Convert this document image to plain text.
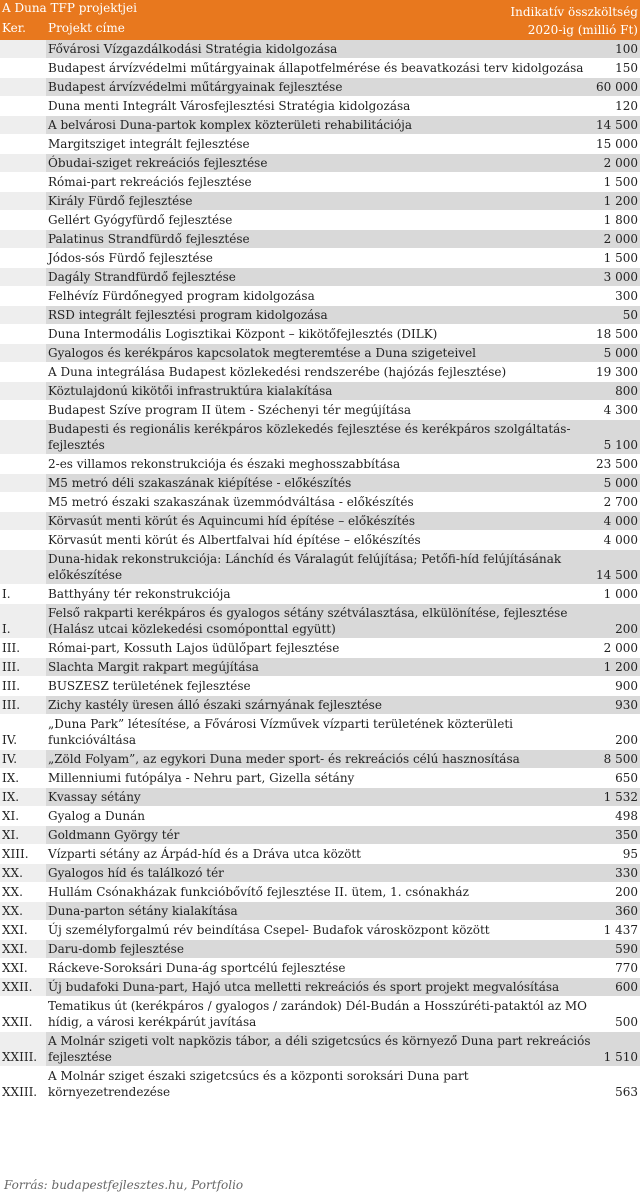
A Duna TFP projektjei		Indikatív összköltség

Ker.	Projekt címe	2020-ig (millió Ft)

	Fővárosi Vízgazdálkodási Stratégia kidolgozása	100
	Budapest árvízvédelmi műtárgyainak állapotfelmérése és beavatkozási terv kidolgozása	150
	Budapest árvízvédelmi műtárgyainak fejlesztése	60 000
	Duna menti Integrált Városfejlesztési Stratégia kidolgozása	120
	A belvárosi Duna-partok komplex közterületi rehabilitációja	14 500
	Margitsziget integrált fejlesztése	15 000
	Óbudai-sziget rekreációs fejlesztése	2 000
	Római-part rekreációs fejlesztése	1 500
	Király Fürdő fejlesztése	1 200
	Gellért Gyógyfürdő fejlesztése	1 800
	Palatinus Strandfürdő fejlesztése	2 000
	Jódos-sós Fürdő fejlesztése	1 500
	Dagály Strandfürdő fejlesztése	3 000
	Felhévíz Fürdőnegyed program kidolgozása	300
	RSD integrált fejlesztési program kidolgozása	50
	Duna Intermodális Logisztikai Központ – kikötőfejlesztés (DILK)	18 500
	Gyalogos és kerékpáros kapcsolatok megteremtése a Duna szigeteivel	5 000
	A Duna integrálása Budapest közlekedési rendszerébe (hajózás fejlesztése)	19 300
	Köztulajdonú kikötői infrastruktúra kialakítása	800
	Budapest Szíve program II ütem - Széchenyi tér megújítása	4 300
	Budapesti és regionális kerékpáros közlekedés fejlesztése és kerékpáros szolgáltatás-fejlesztés	5 100
	2-es villamos rekonstrukciója és északi meghosszabbítása	23 500
	M5 metró déli szakaszának kiépítése - előkészítés	5 000
	M5 metró északi szakaszának üzemmódváltása - előkészítés	2 700
	Körvasút menti körút és Aquincumi híd építése – előkészítés	4 000
	Körvasút menti körút és Albertfalvai híd építése – előkészítés	4 000
	Duna-hidak rekonstrukciója: Lánchíd és Váralagút felújítása; Petőfi-híd felújításának előkészítése	14 500
I.	Batthyány tér rekonstrukciója	1 000
I.	Felső rakparti kerékpáros és gyalogos sétány szétválasztása, elkülönítése, fejlesztése (Halász utcai közlekedési csomóponttal együtt)	200
III.	Római-part, Kossuth Lajos üdülőpart fejlesztése	2 000
III.	Slachta Margit rakpart megújítása	1 200
III.	BUSZESZ területének fejlesztése	900
III.	Zichy kastély üresen álló északi szárnyának fejlesztése	930
IV.	„Duna Park” létesítése, a Fővárosi Vízművek vízparti területének közterületi funkcióváltása	200
IV.	„Zöld Folyam”, az egykori Duna meder sport- és rekreációs célú hasznosítása	8 500
IX.	Millenniumi futópálya - Nehru part, Gizella sétány	650
IX.	Kvassay sétány	1 532
XI.	Gyalog a Dunán	498
XI.	Goldmann György tér	350
XIII.	Vízparti sétány az Árpád-híd és a Dráva utca között	95
XX.	Gyalogos híd és találkozó tér	330
XX.	Hullám Csónakházak funkcióbővítő fejlesztése II. ütem, 1. csónakház	200
XX.	Duna-parton sétány kialakítása	360
XXI.	Új személyforgalmú rév beindítása Csepel- Budafok városközpont között	1 437
XXI.	Daru-domb fejlesztése	590
XXI.	Ráckeve-Soroksári Duna-ág sportcélú fejlesztése	770
XXII.	Új budafoki Duna-part, Hajó utca melletti rekreációs és sport projekt megvalósítása	600
XXII.	Tematikus út (kerékpáros / gyalogos / zarándok) Dél-Budán a Hosszúréti-pataktól az MO hídig, a városi kerékpárút javítása	500
XXIII.	A Molnár szigeti volt napközis tábor, a déli szigetcsúcs és környező Duna part rekreációs fejlesztése	1 510
XXIII.	A Molnár sziget északi szigetcsúcs és a központi soroksári Duna part környezetrendezése	563
Forrás: budapestfejlesztes.hu, Portfolio
